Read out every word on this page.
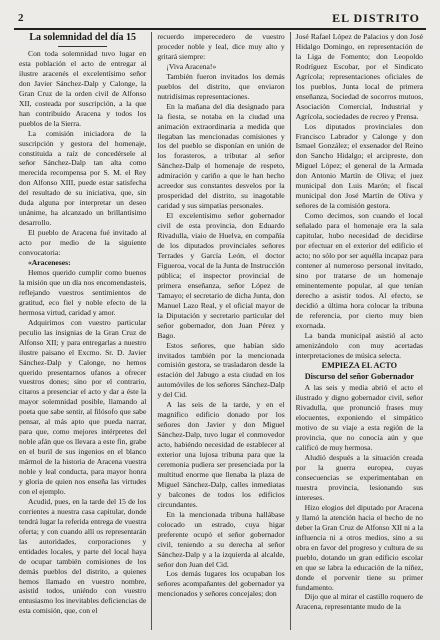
2	EL DISTRITO
La solemnidad del día 15

Con toda solemnidad tuvo lugar en esta población el acto de entregar al ilustre aracenés el excelentísimo señor don Javier Sánchez-Dalp y Calonge, la Gran Cruz de la orden civil de Alfonso XII, costeada por suscripción, a la que han contribuido Aracena y todos los pueblos de la Sierra.

La comisión iniciadora de la suscripción y gestora del homenaje, constituida a raíz de concedérsele al señor Sánchez-Dalp tan alta como merecida recompensa por S. M. el Rey don Alfonso XIII, puede estar satisfecha del resultado de su iniciativa, que, sin duda alguna por interpretar un deseo unánime, ha alcanzado un brillantísimo desarrollo.

El pueblo de Aracena fué invitado al acto por medio de la siguiente convocatoria:

«Araceneses:

Hemos querido cumplir como buenos la misión que un día nos encomendasteis, reflejando vuestros sentimientos de gratitud, eco fiel y noble efecto de la hermosa virtud, caridad y amor.

Adquirimos con vuestro particular peculio las insignias de la Gran Cruz de Alfonso XII; y para entregarlas a nuestro ilustre paisano el Excmo. Sr. D. Javier Sánchez-Dalp y Calonge, no hemos querido presentarnos ufanos a ofrecer vuestros dones; sino por el contrario, citaros a presenciar el acto y dar a éste la mayor solemnidad posible, llamando al poeta que sabe sentir, al filósofo que sabe pensar, al más apto que pueda narrar, para que, como mejores intérpretes del noble afán que os llevara a este fin, grabe en el buril de sus ingenios en el blanco mármol de la historia de Aracena vuestra noble y leal conducta, para mayor honra y gloria de quien nos enseña las virtudes con el ejemplo.

Acudid, pues, en la tarde del 15 de los corrientes a nuestra casa capitular, donde tendrá lugar la referida entrega de vuestra oferta; y con cuando allí os representarán las autoridades, corporaciones y entidades locales, y parte del local haya de ocupar también comisiones de los demás pueblos del distrito, a quienes hemos llamado en vuestro nombre, asistid todos, uniéndo con vuestro entusiasmo los inevitables deficiencias de esta comisión, que, con el

recuerdo imperecedero de vuestro proceder noble y leal, dice muy alto y gritará siempre:

¡Viva Aracena!»

También fueron invitados los demás pueblos del distrito, que enviaron nutridísimas representaciones.

En la mañana del día designado para la fiesta, se notaba en la ciudad una animación extraordinaria a medida que llegaban las mencionadas comisiones y los del pueblo se disponían en unión de los forasteros, a tributar al señor Sánchez-Dalp el homenaje de respeto, admiración y cariño a que le han hecho acreedor sus constantes desvelos por la prosperidad del distrito, su inagotable caridad y sus simpatías personales.

El excelentísimo señor gobernador civil de esta provincia, don Eduardo Rivadulla, viaio de Huelva, en compañía de los diputados provinciales señores Terrades y García León, el doctor Figueroa, vocal de la Junta de Instrucción pública; el inspector provincial de primera enseñanza, señor López de Tamayo; el secretario de dicha Junta, don Manuel Lazo Real, y el oficial mayor de la Diputación y secretario particular del señor gobernador, don Juan Pérez y Bago.

Estos señores, que habían sido invitados también por la mencionada comisión gestora, se trasladaron desde la estación del Jabugo a esta ciudad en los automóviles de los señores Sánchez-Dalp y del Cid.

A las seis de la tarde, y en el magnífico edificio donado por los señores don Javier y don Miguel Sánchez-Dalp, tuvo lugar el conmovedor acto, habiéndo necesidad de establecer al exterior una lujosa tribuna para que la ceremonia pudiera ser presenciada por la multitud enorme que llenaba la plaza de Miguel Sánchez-Dalp, calles inmediatas y balcones de todos los edificios circundantes.

En la mencionada tribuna hallábase colocado un estrado, cuya higar preferente ocupó el señor gobernador civil, teniendo a su derecha al señor Sánchez-Dalp y a la izquierda al alcalde, señor don Juan del Cid.

Los demás lugares los ocupaban los señores acompañantes del gobernador ya mencionados y señores concejales; don

José Rafael López de Palacios y don José Hidalgo Domingo, en representación de la Liga de Fomento; don Leopoldo Rodríguez Escobar, por el Sindicato Agrícola; representaciones oficiales de los pueblos, Junta local de primera enseñanza, Sociedad de socorros mutuos, Asociación Comercial, Industrial y Agrícola, sociedades de recreo y Prensa.

Los diputados provinciales don Francisco Labrador y Calonge y don Ismael González; el exsenador del Reino don Sancho Hidalgo; el arcipreste, don Miguel López; el general de la Armada don Antonio Martín de Oliva; el juez municipal don Luis Marón; el fiscal municipal don José Martín de Oliva y señores de la comisión gestora.

Como decimos, son cuando el local señalado para el homenaje era la sala capitular, hubo necesidad de decidirse por efectuar en el exterior del edificio el acto; no sólo por ser aquélla incapaz para contener al numeroso personal invitado, sino por tratarse de un homenaje eminentemente popular, al que tenían derecho a asistir todos. Al efecto, se decidió a última hora colocar la tribuna de referencia, por cierto muy bien exornada.

La banda municipal asistió al acto amenizándolo con muy acertadas interpretaciones de música selecta.

EMPIEZA EL ACTO
Discurso del señor Gobernador

A las seis y media abrió el acto el ilustrado y digno gobernador civil, señor Rivadulla, que pronunció frases muy elocuentes, exponiendo el simpático motivo de su viaje a esta región de la provincia, que no conocía aún y que calificó de muy hermosa.

Aludió después a la situación creada por la guerra europea, cuyas consecuencias se experimentaban en nuestra provincia, lesionando sus intereses.

Hizo elogios del diputado por Aracena y llamó la atención hacia el hecho de no deber la Gran Cruz de Alfonso XII ni a la influencia ni a otros medios, sino a su obra en favor del progreso y cultura de su pueblo, dotando un gran edificio escolar en que se labra la educación de la niñez, donde el porvenir tiene su primer fundamento.

Dijo que al mirar el castillo roquero de Aracena, representante mudo de la
